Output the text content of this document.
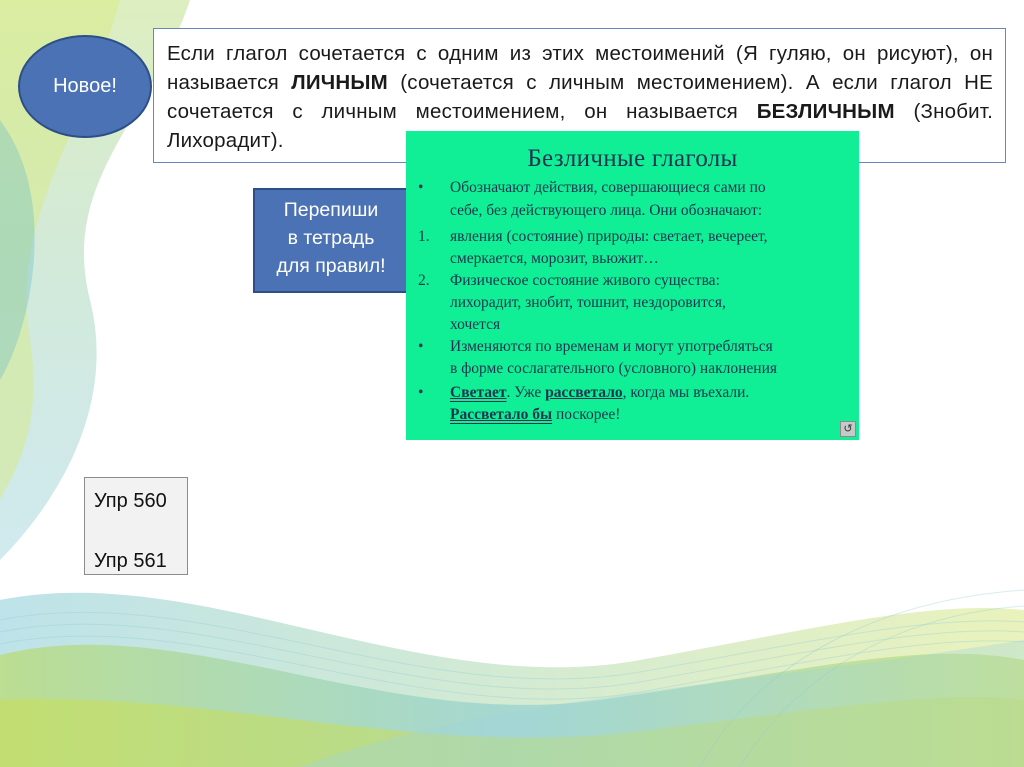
Новое!
Если глагол сочетается с одним из этих местоимений (Я гуляю, он рисуют), он называется ЛИЧНЫМ (сочетается с личным местоимением). А если глагол НЕ сочетается с личным местоимением, он называется БЕЗЛИЧНЫМ (Знобит. Лихорадит).
Перепиши
в тетрадь
для правил!
Безличные глаголы
• Обозначают действия, совершающиеся сами по
себе, без действующего лица. Они обозначают:
1. явления (состояние) природы: светает, вечереет,
смеркается, морозит, вьюжит…
2. Физическое состояние живого существа:
лихорадит, знобит, тошнит, нездоровится,
хочется
• Изменяются по временам и могут употребляться
в форме сослагательного (условного) наклонения
• Светает. Уже рассветало, когда мы въехали.
Рассветало бы поскорее!
↺
Упр 560
Упр 561
